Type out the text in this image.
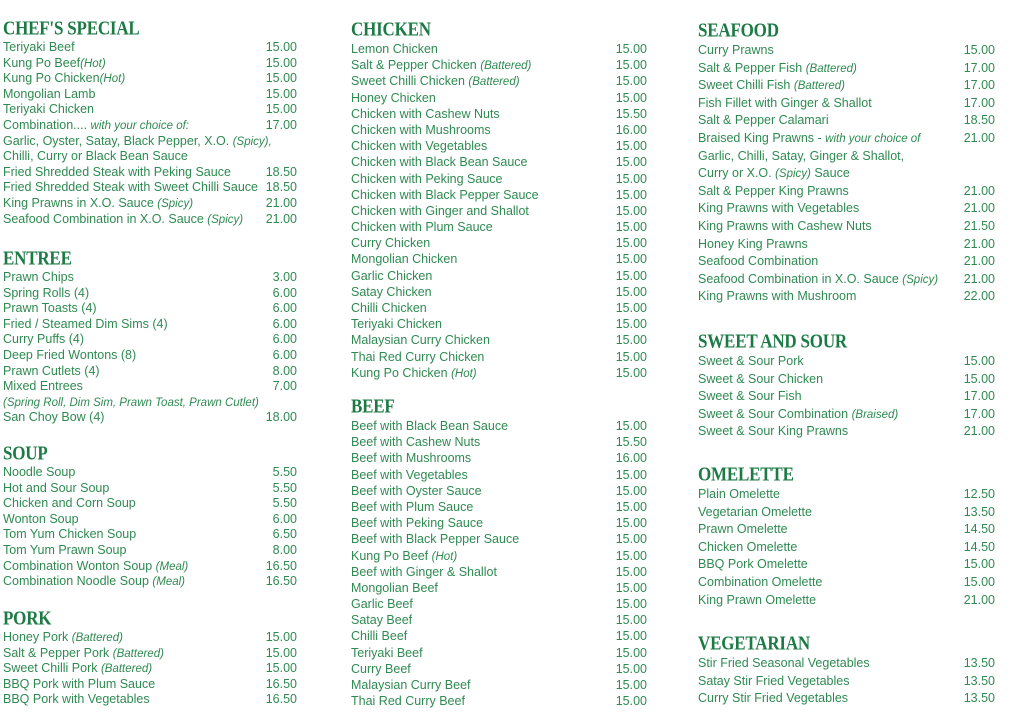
CHEF'S SPECIAL
Teriyaki Beef	15.00
Kung Po Beef(Hot)	15.00
Kung Po Chicken(Hot)	15.00
Mongolian Lamb	15.00
Teriyaki Chicken	15.00
Combination.... with your choice of:	17.00
Garlic, Oyster, Satay, Black Pepper, X.O. (Spicy),
Chilli, Curry or Black Bean Sauce
Fried Shredded Steak with Peking Sauce	18.50
Fried Shredded Steak with Sweet Chilli Sauce 18.50
King Prawns in X.O. Sauce (Spicy)	21.00
Seafood Combination in X.O. Sauce (Spicy) 21.00
ENTREE
Prawn Chips	3.00
Spring Rolls (4)	6.00
Prawn Toasts (4)	6.00
Fried / Steamed Dim Sims (4)	6.00
Curry Puffs (4)	6.00
Deep Fried Wontons (8)	6.00
Prawn Cutlets (4)	8.00
Mixed Entrees	7.00
(Spring Roll, Dim Sim, Prawn Toast, Prawn Cutlet)
San Choy Bow (4)	18.00
SOUP
Noodle Soup	5.50
Hot and Sour Soup	5.50
Chicken and Corn Soup	5.50
Wonton Soup	6.00
Tom Yum Chicken Soup	6.50
Tom Yum Prawn Soup	8.00
Combination Wonton Soup (Meal)	16.50
Combination Noodle Soup (Meal)	16.50
PORK
Honey Pork (Battered)	15.00
Salt & Pepper Pork (Battered)	15.00
Sweet Chilli Pork (Battered)	15.00
BBQ Pork with Plum Sauce	16.50
BBQ Pork with Vegetables	16.50
CHICKEN
Lemon Chicken	15.00
Salt & Pepper Chicken (Battered)	15.00
Sweet Chilli Chicken (Battered)	15.00
Honey Chicken	15.00
Chicken with Cashew Nuts	15.50
Chicken with Mushrooms	16.00
Chicken with Vegetables	15.00
Chicken with Black Bean Sauce	15.00
Chicken with Peking Sauce	15.00
Chicken with Black Pepper Sauce	15.00
Chicken with Ginger and Shallot	15.00
Chicken with Plum Sauce	15.00
Curry Chicken	15.00
Mongolian Chicken	15.00
Garlic Chicken	15.00
Satay Chicken	15.00
Chilli Chicken	15.00
Teriyaki Chicken	15.00
Malaysian Curry Chicken	15.00
Thai Red Curry Chicken	15.00
Kung Po Chicken (Hot)	15.00
BEEF
Beef with Black Bean Sauce	15.00
Beef with Cashew Nuts	15.50
Beef with Mushrooms	16.00
Beef with Vegetables	15.00
Beef with Oyster Sauce	15.00
Beef with Plum Sauce	15.00
Beef with Peking Sauce	15.00
Beef with Black Pepper Sauce	15.00
Kung Po Beef (Hot)	15.00
Beef with Ginger & Shallot	15.00
Mongolian Beef	15.00
Garlic Beef	15.00
Satay Beef	15.00
Chilli Beef	15.00
Teriyaki Beef	15.00
Curry Beef	15.00
Malaysian Curry Beef	15.00
Thai Red Curry Beef	15.00
SEAFOOD
Curry Prawns	15.00
Salt & Pepper Fish (Battered)	17.00
Sweet Chilli Fish (Battered)	17.00
Fish Fillet with Ginger & Shallot	17.00
Salt & Pepper Calamari	18.50
Braised King Prawns - with your choice of	21.00
Garlic, Chilli, Satay, Ginger & Shallot,
Curry or X.O. (Spicy) Sauce
Salt & Pepper King Prawns	21.00
King Prawns with Vegetables	21.00
King Prawns with Cashew Nuts	21.50
Honey King Prawns	21.00
Seafood Combination	21.00
Seafood Combination in X.O. Sauce (Spicy) 21.00
King Prawns with Mushroom	22.00
SWEET AND SOUR
Sweet & Sour Pork	15.00
Sweet & Sour Chicken	15.00
Sweet & Sour Fish	17.00
Sweet & Sour Combination (Braised)	17.00
Sweet & Sour King Prawns	21.00
OMELETTE
Plain Omelette	12.50
Vegetarian Omelette	13.50
Prawn Omelette	14.50
Chicken Omelette	14.50
BBQ Pork Omelette	15.00
Combination Omelette	15.00
King Prawn Omelette	21.00
VEGETARIAN
Stir Fried Seasonal Vegetables	13.50
Satay Stir Fried Vegetables	13.50
Curry Stir Fried Vegetables	13.50
